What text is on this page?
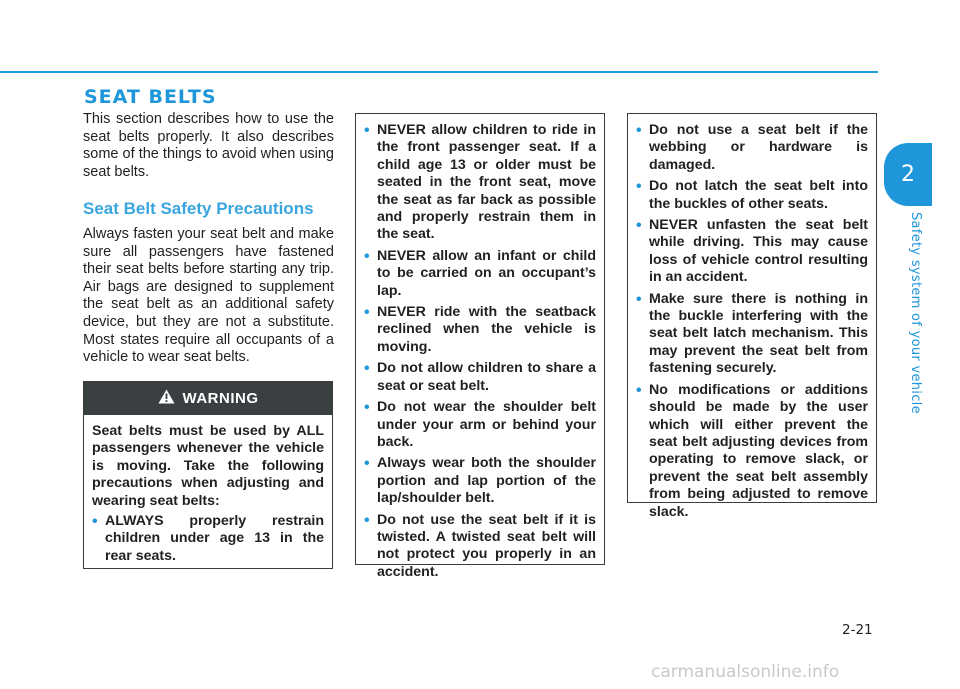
SEAT BELTS

This section describes how to use the seat belts properly. It also describes some of the things to avoid when using seat belts.

Seat Belt Safety Precautions

Always fasten your seat belt and make sure all passengers have fastened their seat belts before starting any trip. Air bags are designed to supplement the seat belt as an additional safety device, but they are not a substitute. Most states require all occupants of a vehicle to wear seat belts.

WARNING
Seat belts must be used by ALL passengers whenever the vehicle is moving. Take the following precautions when adjusting and wearing seat belts:
• ALWAYS properly restrain children under age 13 in the rear seats.
• NEVER allow children to ride in the front passenger seat. If a child age 13 or older must be seated in the front seat, move the seat as far back as possible and properly restrain them in the seat.
• NEVER allow an infant or child to be carried on an occupant’s lap.
• NEVER ride with the seatback reclined when the vehicle is moving.
• Do not allow children to share a seat or seat belt.
• Do not wear the shoulder belt under your arm or behind your back.
• Always wear both the shoulder portion and lap portion of the lap/shoulder belt.
• Do not use the seat belt if it is twisted. A twisted seat belt will not protect you properly in an accident.
• Do not use a seat belt if the webbing or hardware is damaged.
• Do not latch the seat belt into the buckles of other seats.
• NEVER unfasten the seat belt while driving. This may cause loss of vehicle control resulting in an accident.
• Make sure there is nothing in the buckle interfering with the seat belt latch mechanism. This may prevent the seat belt from fastening securely.
• No modifications or additions should be made by the user which will either prevent the seat belt adjusting devices from operating to remove slack, or prevent the seat belt assembly from being adjusted to remove slack.
2
Safety system of your vehicle

2-21

carmanualsonline.info
